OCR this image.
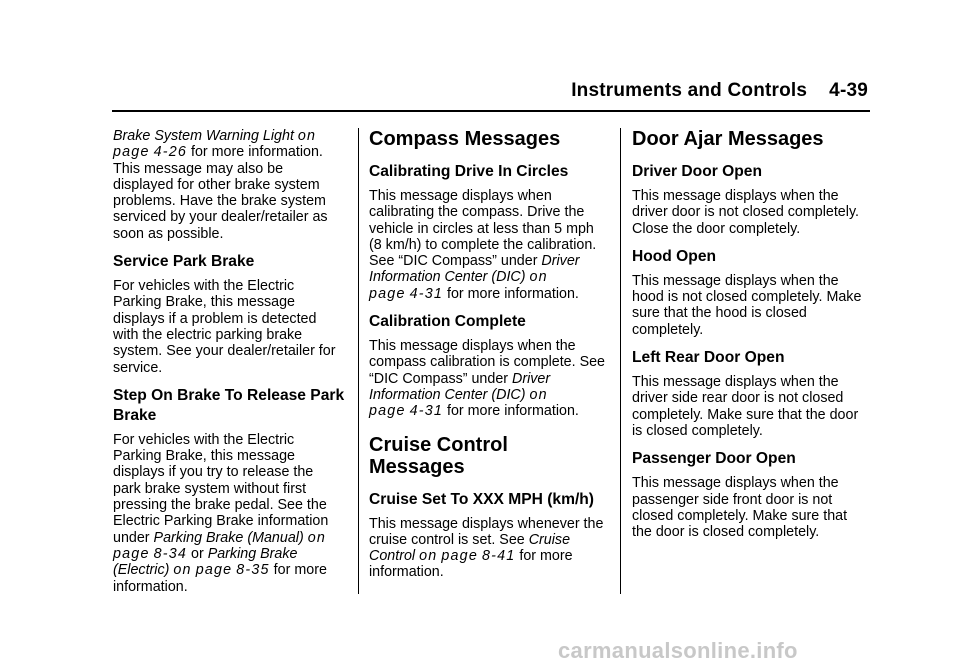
Instruments and Controls 4-39

Brake System Warning Light on
page 4-26 for more information. This message may also be displayed for other brake system problems. Have the brake system serviced by your dealer/retailer as soon as possible.

Service Park Brake

For vehicles with the Electric Parking Brake, this message displays if a problem is detected with the electric parking brake system. See your dealer/retailer for service.

Step On Brake To Release Park Brake

For vehicles with the Electric Parking Brake, this message displays if you try to release the park brake system without first pressing the brake pedal. See the Electric Parking Brake information under Parking Brake (Manual) on
page 8-34 or Parking Brake (Electric) on page 8-35 for more information.

Compass Messages

Calibrating Drive In Circles

This message displays when calibrating the compass. Drive the vehicle in circles at less than 5 mph (8 km/h) to complete the calibration. See “DIC Compass” under Driver Information Center (DIC) on
page 4-31 for more information.

Calibration Complete

This message displays when the compass calibration is complete. See “DIC Compass” under Driver Information Center (DIC) on
page 4-31 for more information.

Cruise Control Messages

Cruise Set To XXX MPH (km/h)

This message displays whenever the cruise control is set. See Cruise Control on page 8-41 for more information.

Door Ajar Messages

Driver Door Open

This message displays when the driver door is not closed completely. Close the door completely.

Hood Open

This message displays when the hood is not closed completely. Make sure that the hood is closed completely.

Left Rear Door Open

This message displays when the driver side rear door is not closed completely. Make sure that the door is closed completely.

Passenger Door Open

This message displays when the passenger side front door is not closed completely. Make sure that the door is closed completely.

carmanualsonline.info
